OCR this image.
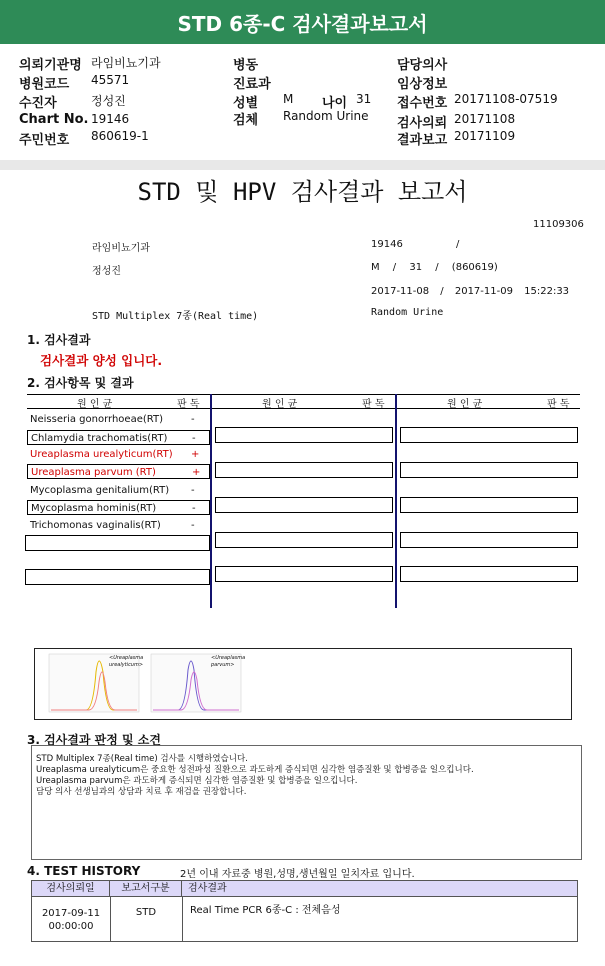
STD 6종-C 검사결과보고서
의뢰기관명 라임비뇨기과	병동	담당의사
병원코드 45571	진료과	임상정보
수진자	정성진	성별 M 나이 31 접수번호 20171108-07519
Chart No. 19146	검체 Random Urine 검사의뢰 20171108
주민번호 860619-1	결과보고 20171109
STD 및 HPV 검사결과 보고서
11109306
라임비뇨기과	19146 /
정성진	M / 31 / (860619)
2017-11-08 / 2017-11-09 15:22:33
STD Multiplex 7종(Real time)	Random Urine
1. 검사결과
검사결과 양성 입니다.
2. 검사항목 및 결과
원 인 균	판 독	원 인 균	판 독	원 인 균	판 독
Neisseria gonorrhoeae(RT)	-
Chlamydia trachomatis(RT) -
Ureaplasma urealyticum(RT) +
Ureaplasma parvum (RT)	+
Mycoplasma genitalium(RT) -
Mycoplasma hominis(RT)	-
Trichomonas vaginalis(RT)	-
<Ureaplasma urealyticum>
<Ureaplasma parvum>
3. 검사결과 판정 및 소견
STD Multiplex 7종(Real time) 검사를 시행하였습니다.
Ureaplasma urealyticum은 중요한 성전파성 질환으로 과도하게 증식되면 심각한 염증질환 및 합병증을 일으킵니다.
Ureaplasma parvum은 과도하게 증식되면 심각한 염증질환 및 합병증을 일으킵니다.
담당 의사 선생님과의 상담과 치료 후 재검을 권장합니다.
4. TEST HISTORY	2년 이내 자료중 병원,성명,생년월일 일치자료 입니다.
검사의뢰일	보고서구분	검사결과
2017-09-11
00:00:00
STD	Real Time PCR 6종-C : 전체음성
